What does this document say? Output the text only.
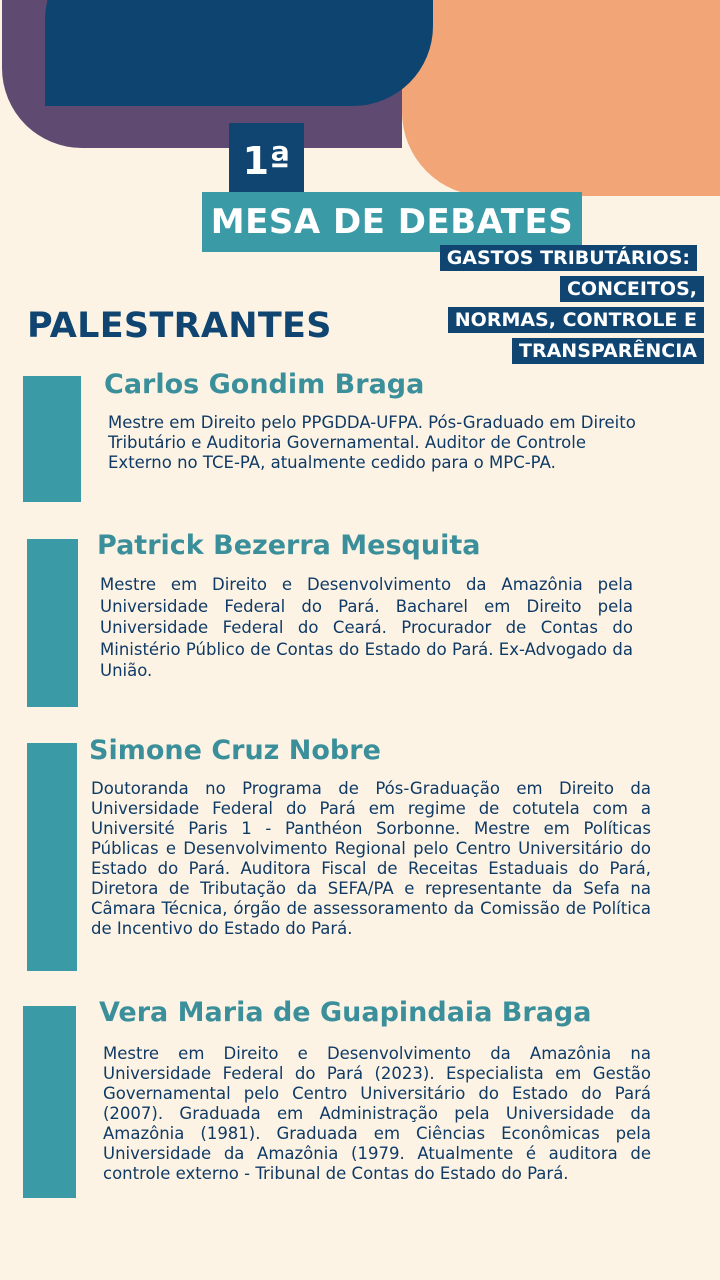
1ª
MESA DE DEBATES
GASTOS TRIBUTÁRIOS: CONCEITOS,
NORMAS, CONTROLE E
TRANSPARÊNCIA
PALESTRANTES
Carlos Gondim Braga

Mestre em Direito pelo PPGDDA-UFPA. Pós-Graduado em Direito Tributário e Auditoria Governamental. Auditor de Controle Externo no TCE-PA, atualmente cedido para o MPC-PA.

Patrick Bezerra Mesquita

Mestre em Direito e Desenvolvimento da Amazônia pela Universidade Federal do Pará. Bacharel em Direito pela Universidade Federal do Ceará. Procurador de Contas do Ministério Público de Contas do Estado do Pará. Ex-Advogado da União.

Simone Cruz Nobre

Doutoranda no Programa de Pós-Graduação em Direito da Universidade Federal do Pará em regime de cotutela com a Université Paris 1 - Panthéon Sorbonne. Mestre em Políticas Públicas e Desenvolvimento Regional pelo Centro Universitário do Estado do Pará. Auditora Fiscal de Receitas Estaduais do Pará, Diretora de Tributação da SEFA/PA e representante da Sefa na Câmara Técnica, órgão de assessoramento da Comissão de Política de Incentivo do Estado do Pará.

Vera Maria de Guapindaia Braga

Mestre em Direito e Desenvolvimento da Amazônia na Universidade Federal do Pará (2023). Especialista em Gestão Governamental pelo Centro Universitário do Estado do Pará (2007). Graduada em Administração pela Universidade da Amazônia (1981). Graduada em Ciências Econômicas pela Universidade da Amazônia (1979. Atualmente é auditora de controle externo - Tribunal de Contas do Estado do Pará.
